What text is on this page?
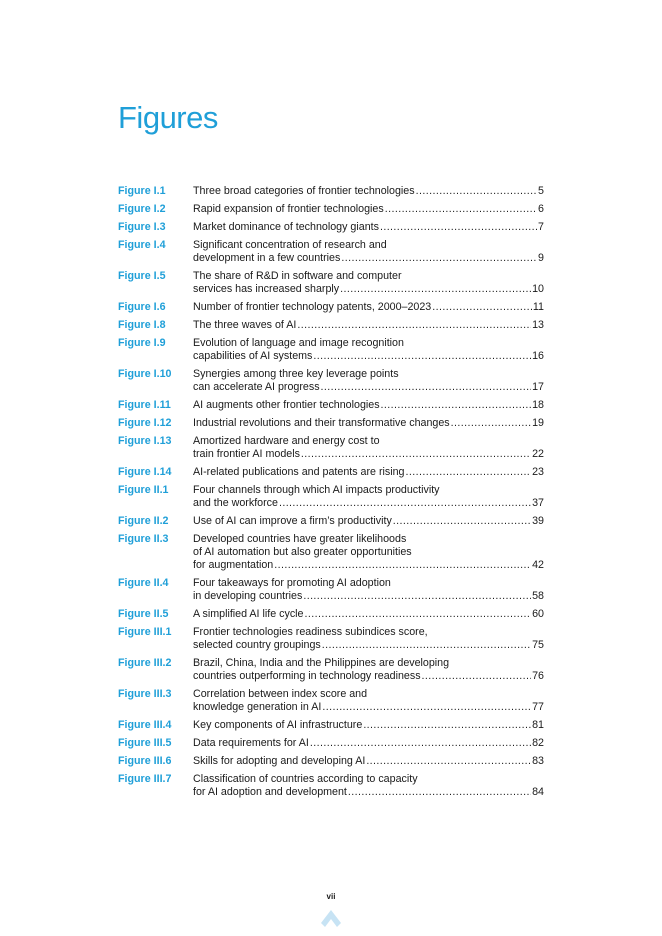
Figures
Figure I.1	Three broad categories of frontier technologies .....	5
Figure I.2	Rapid expansion of frontier technologies .....	6
Figure I.3	Market dominance of technology giants .....	7
Figure I.4	Significant concentration of research and
development in a few countries .....	9
Figure I.5	The share of R&D in software and computer
services has increased sharply .....	10
Figure I.6	Number of frontier technology patents, 2000–2023 .....	11
Figure I.8	The three waves of AI .....	13
Figure I.9	Evolution of language and image recognition
capabilities of AI systems .....	16
Figure I.10	Synergies among three key leverage points
can accelerate AI progress .....	17
Figure I.11	AI augments other frontier technologies .....	18
Figure I.12	Industrial revolutions and their transformative changes .....	19
Figure I.13	Amortized hardware and energy cost to
train frontier AI models .....	22
Figure I.14	AI-related publications and patents are rising .....	23
Figure II.1	Four channels through which AI impacts productivity
and the workforce .....	37
Figure II.2	Use of AI can improve a firm’s productivity .....	39
Figure II.3	Developed countries have greater likelihoods
of AI automation but also greater opportunities
for augmentation .....	42
Figure II.4	Four takeaways for promoting AI adoption
in developing countries .....	58
Figure II.5	A simplified AI life cycle .....	60
Figure III.1	Frontier technologies readiness subindices score,
selected country groupings .....	75
Figure III.2	Brazil, China, India and the Philippines are developing
countries outperforming in technology readiness .....	76
Figure III.3	Correlation between index score and
knowledge generation in AI .....	77
Figure III.4	Key components of AI infrastructure .....	81
Figure III.5	Data requirements for AI .....	82
Figure III.6	Skills for adopting and developing AI .....	83
Figure III.7	Classification of countries according to capacity
for AI adoption and development .....	84
vii
